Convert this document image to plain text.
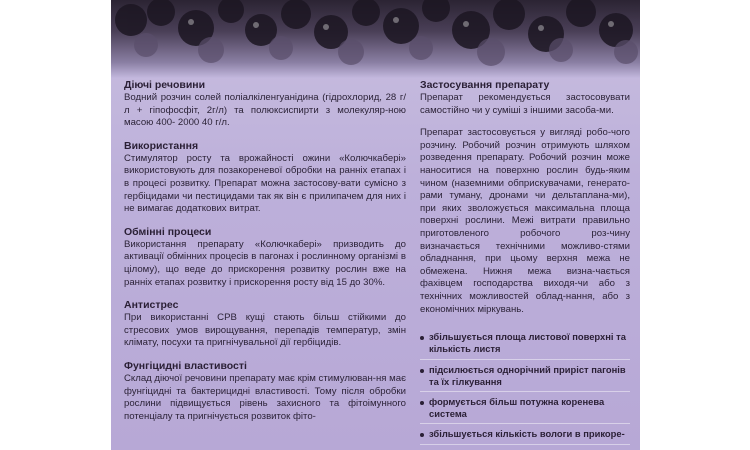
Діючі речовини

Водний розчин солей поліалкіленгуанідина (гідрохлорид, 28 г/л + гіпофосфіт, 2г/л) та полюксиспирти з молекуляр-ною масою 400- 2000 40 г/л.

Використання

Стимулятор росту та врожайності ожини «Колючкабері» використовують для позакореневої обробки на ранніх етапах і в процесі розвитку. Препарат можна застосову-вати сумісно з гербіцидами чи пестицидами так як він є прилипачем для них і не вимагає додаткових витрат.

Обмінні процеси

Використання препарату «Колючкабері» призводить до активації обмінних процесів в пагонах і рослинному організмі в цілому), що веде до прискорення розвитку рослин вже на ранніх етапах розвитку і прискорення росту від 15 до 30%.

Антистрес

При використанні СРВ кущі стають більш стійкими до стресових умов вирощування, перепадів температур, змін клімату, посухи та пригнічувальної дії гербіцидів.

Фунгіцидні властивості

Склад діючої речовини препарату має крім стимулюван-ня має фунгіцидні та бактерицидні властивості. Тому після обробки рослини підвищується рівень захисного та фітоімунного потенціалу та пригнічується розвиток фіто-

Застосування препарату

Препарат рекомендується застосовувати самостійно чи у суміші з іншими засоба-ми.

Препарат застосовується у вигляді робо-чого розчину. Робочий розчин отримують шляхом розведення препарату. Робочий розчин може наноситися на поверхню рослин будь-яким чином (наземними обприскувачами, генерато-рами туману, дронами чи дельтаплана-ми), при яких зволожується максимальна площа поверхні рослини. Межі витрати правильно приготовленого робочого роз-чину визначається технічними можливо-стями обладнання, при цьому верхня межа не обмежена. Нижня межа визна-чається фахівцем господарства виходя-чи або з технічних можливостей облад-нання, або з економічних міркувань.

збільшується площа листової поверхні та кількість листя
підсилюється однорічний приріст пагонів та їх гілкування
формується більш потужна коренева система
збільшується кількість вологи в прикоре-
